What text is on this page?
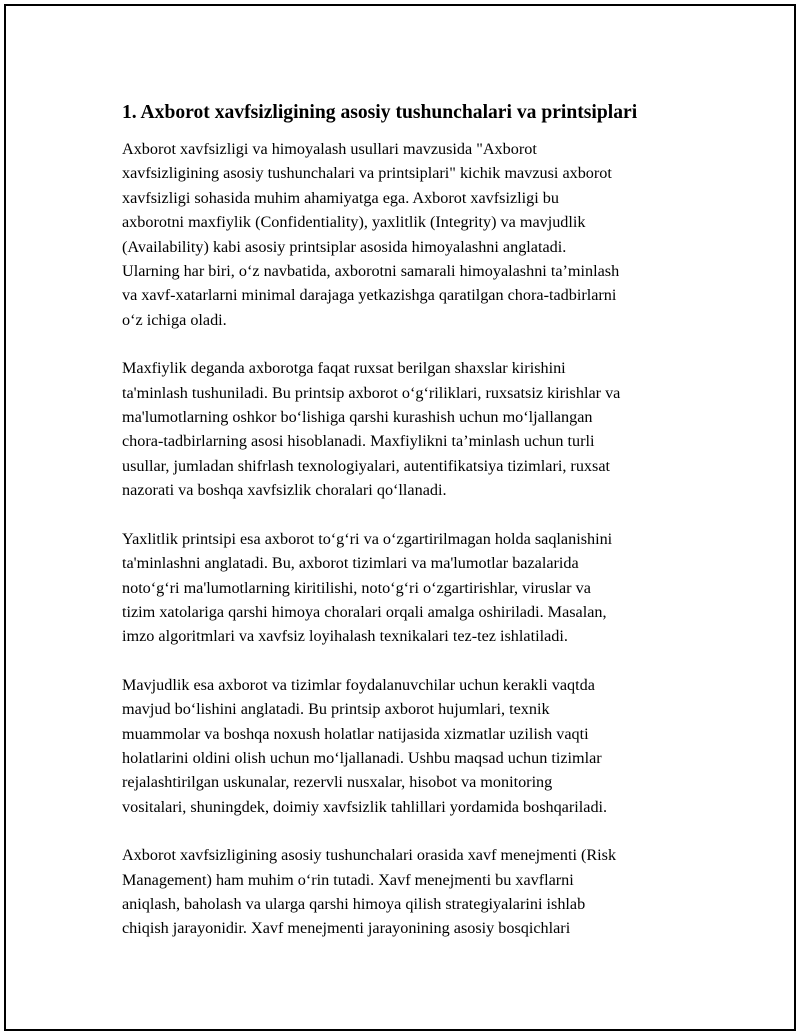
1. Axborot xavfsizligining asosiy tushunchalari va printsiplari
Axborot xavfsizligi va himoyalash usullari mavzusida "Axborot
xavfsizligining asosiy tushunchalari va printsiplari" kichik mavzusi axborot
xavfsizligi sohasida muhim ahamiyatga ega. Axborot xavfsizligi bu
axborotni maxfiylik (Confidentiality), yaxlitlik (Integrity) va mavjudlik
(Availability) kabi asosiy printsiplar asosida himoyalashni anglatadi.
Ularning har biri, o‘z navbatida, axborotni samarali himoyalashni ta’minlash
va xavf-xatarlarni minimal darajaga yetkazishga qaratilgan chora-tadbirlarni
o‘z ichiga oladi.
Maxfiylik deganda axborotga faqat ruxsat berilgan shaxslar kirishini
ta'minlash tushuniladi. Bu printsip axborot o‘g‘riliklari, ruxsatsiz kirishlar va
ma'lumotlarning oshkor bo‘lishiga qarshi kurashish uchun mo‘ljallangan
chora-tadbirlarning asosi hisoblanadi. Maxfiylikni ta’minlash uchun turli
usullar, jumladan shifrlash texnologiyalari, autentifikatsiya tizimlari, ruxsat
nazorati va boshqa xavfsizlik choralari qo‘llanadi.
Yaxlitlik printsipi esa axborot to‘g‘ri va o‘zgartirilmagan holda saqlanishini
ta'minlashni anglatadi. Bu, axborot tizimlari va ma'lumotlar bazalarida
noto‘g‘ri ma'lumotlarning kiritilishi, noto‘g‘ri o‘zgartirishlar, viruslar va
tizim xatolariga qarshi himoya choralari orqali amalga oshiriladi. Masalan,
imzo algoritmlari va xavfsiz loyihalash texnikalari tez-tez ishlatiladi.
Mavjudlik esa axborot va tizimlar foydalanuvchilar uchun kerakli vaqtda
mavjud bo‘lishini anglatadi. Bu printsip axborot hujumlari, texnik
muammolar va boshqa noxush holatlar natijasida xizmatlar uzilish vaqti
holatlarini oldini olish uchun mo‘ljallanadi. Ushbu maqsad uchun tizimlar
rejalashtirilgan uskunalar, rezervli nusxalar, hisobot va monitoring
vositalari, shuningdek, doimiy xavfsizlik tahlillari yordamida boshqariladi.
Axborot xavfsizligining asosiy tushunchalari orasida xavf menejmenti (Risk
Management) ham muhim o‘rin tutadi. Xavf menejmenti bu xavflarni
aniqlash, baholash va ularga qarshi himoya qilish strategiyalarini ishlab
chiqish jarayonidir. Xavf menejmenti jarayonining asosiy bosqichlari
